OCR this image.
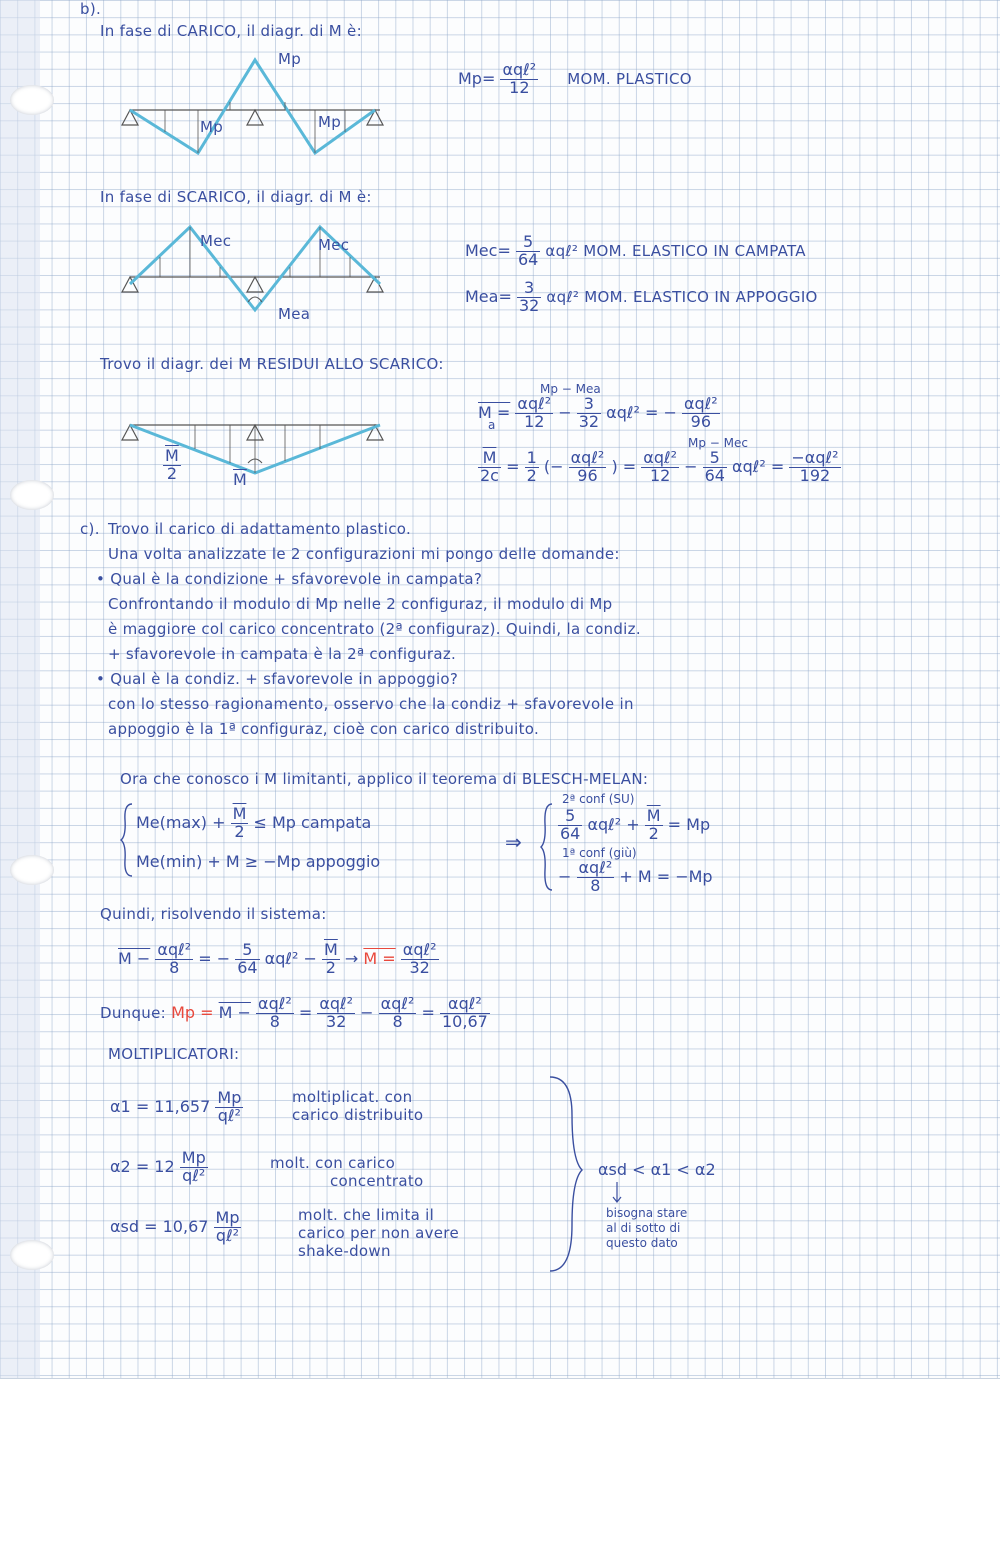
b).
In fase di CARICO, il diagr. di M è:
Mp
Mp	Mp
Mp= αqℓ²
12	MOM. PLASTICO
In fase di SCARICO, il diagr. di M è:
Mec	Mec
Mea
$Mec= \frac{5}{64}$ αqℓ² MOM. ELASTICO IN CAMPATA
$Mea= \frac{3}{32}$ αqℓ² MOM. ELASTICO IN APPOGGIO
Trovo il diagr. dei M RESIDUI ALLO SCARICO:
$\frac{\overline{M}}{2}$	$\overline{M}$
Mp − Mea
M = αqℓ²
$12 - \frac{3}{32}$ αqℓ² = − αqℓ²
96
a
Mp − Mec
$\frac{\overline{M}}{2c} = \frac{1}{2}$ (− αqℓ²
96 ) = αqℓ²
$12 - \frac{5}{64}$ αqℓ² = −αqℓ²
192
c). Trovo il carico di adattamento plastico.
Una volta analizzate le 2 configurazioni mi pongo delle domande:
• Qual è la condizione + sfavorevole in campata?
Confrontando il modulo di Mp nelle 2 configuraz, il modulo di Mp
è maggiore col carico concentrato (2ª configuraz). Quindi, la condiz.
+ sfavorevole in campata è la 2ª configuraz.
• Qual è la condiz. + sfavorevole in appoggio?
con lo stesso ragionamento, osservo che la condiz + sfavorevole in
appoggio è la 1ª configuraz, cioè con carico distribuito.
Ora che conosco i M limitanti, applico il teorema di BLESCH-MELAN:
$Me(\max) + \frac{\overline{M}}{2} \le Mp$ campata
Me(min) + M ≥ −Mp appoggio
⇒
2ª conf (SU)
$\frac{5}{64}$ αqℓ² + $\frac{\overline{M}}{2} = Mp$
1ª conf (giù)
− αqℓ²
8	+ M = −Mp
Quindi, risolvendo il sistema:
M − αqℓ²
8	= − $\frac{5}{64}$ αqℓ² − $\frac{\overline{M}}{2} \to M$ = αqℓ²
32
Dunque: Mp = M − αqℓ²
8	= αqℓ²
32 − αqℓ²
8	= αqℓ²
10,67
MOLTIPLICATORI:
α1 = 11,657 Mp
qℓ²
moltiplicat. con
carico distribuito
α2 = 12 Mp
qℓ²
molt. con carico
concentrato
αsd = 10,67 Mp
qℓ²
molt. che limita il
carico per non avere
shake-down
αsd < α1 < α2
bisogna stare
al di sotto di
questo dato
